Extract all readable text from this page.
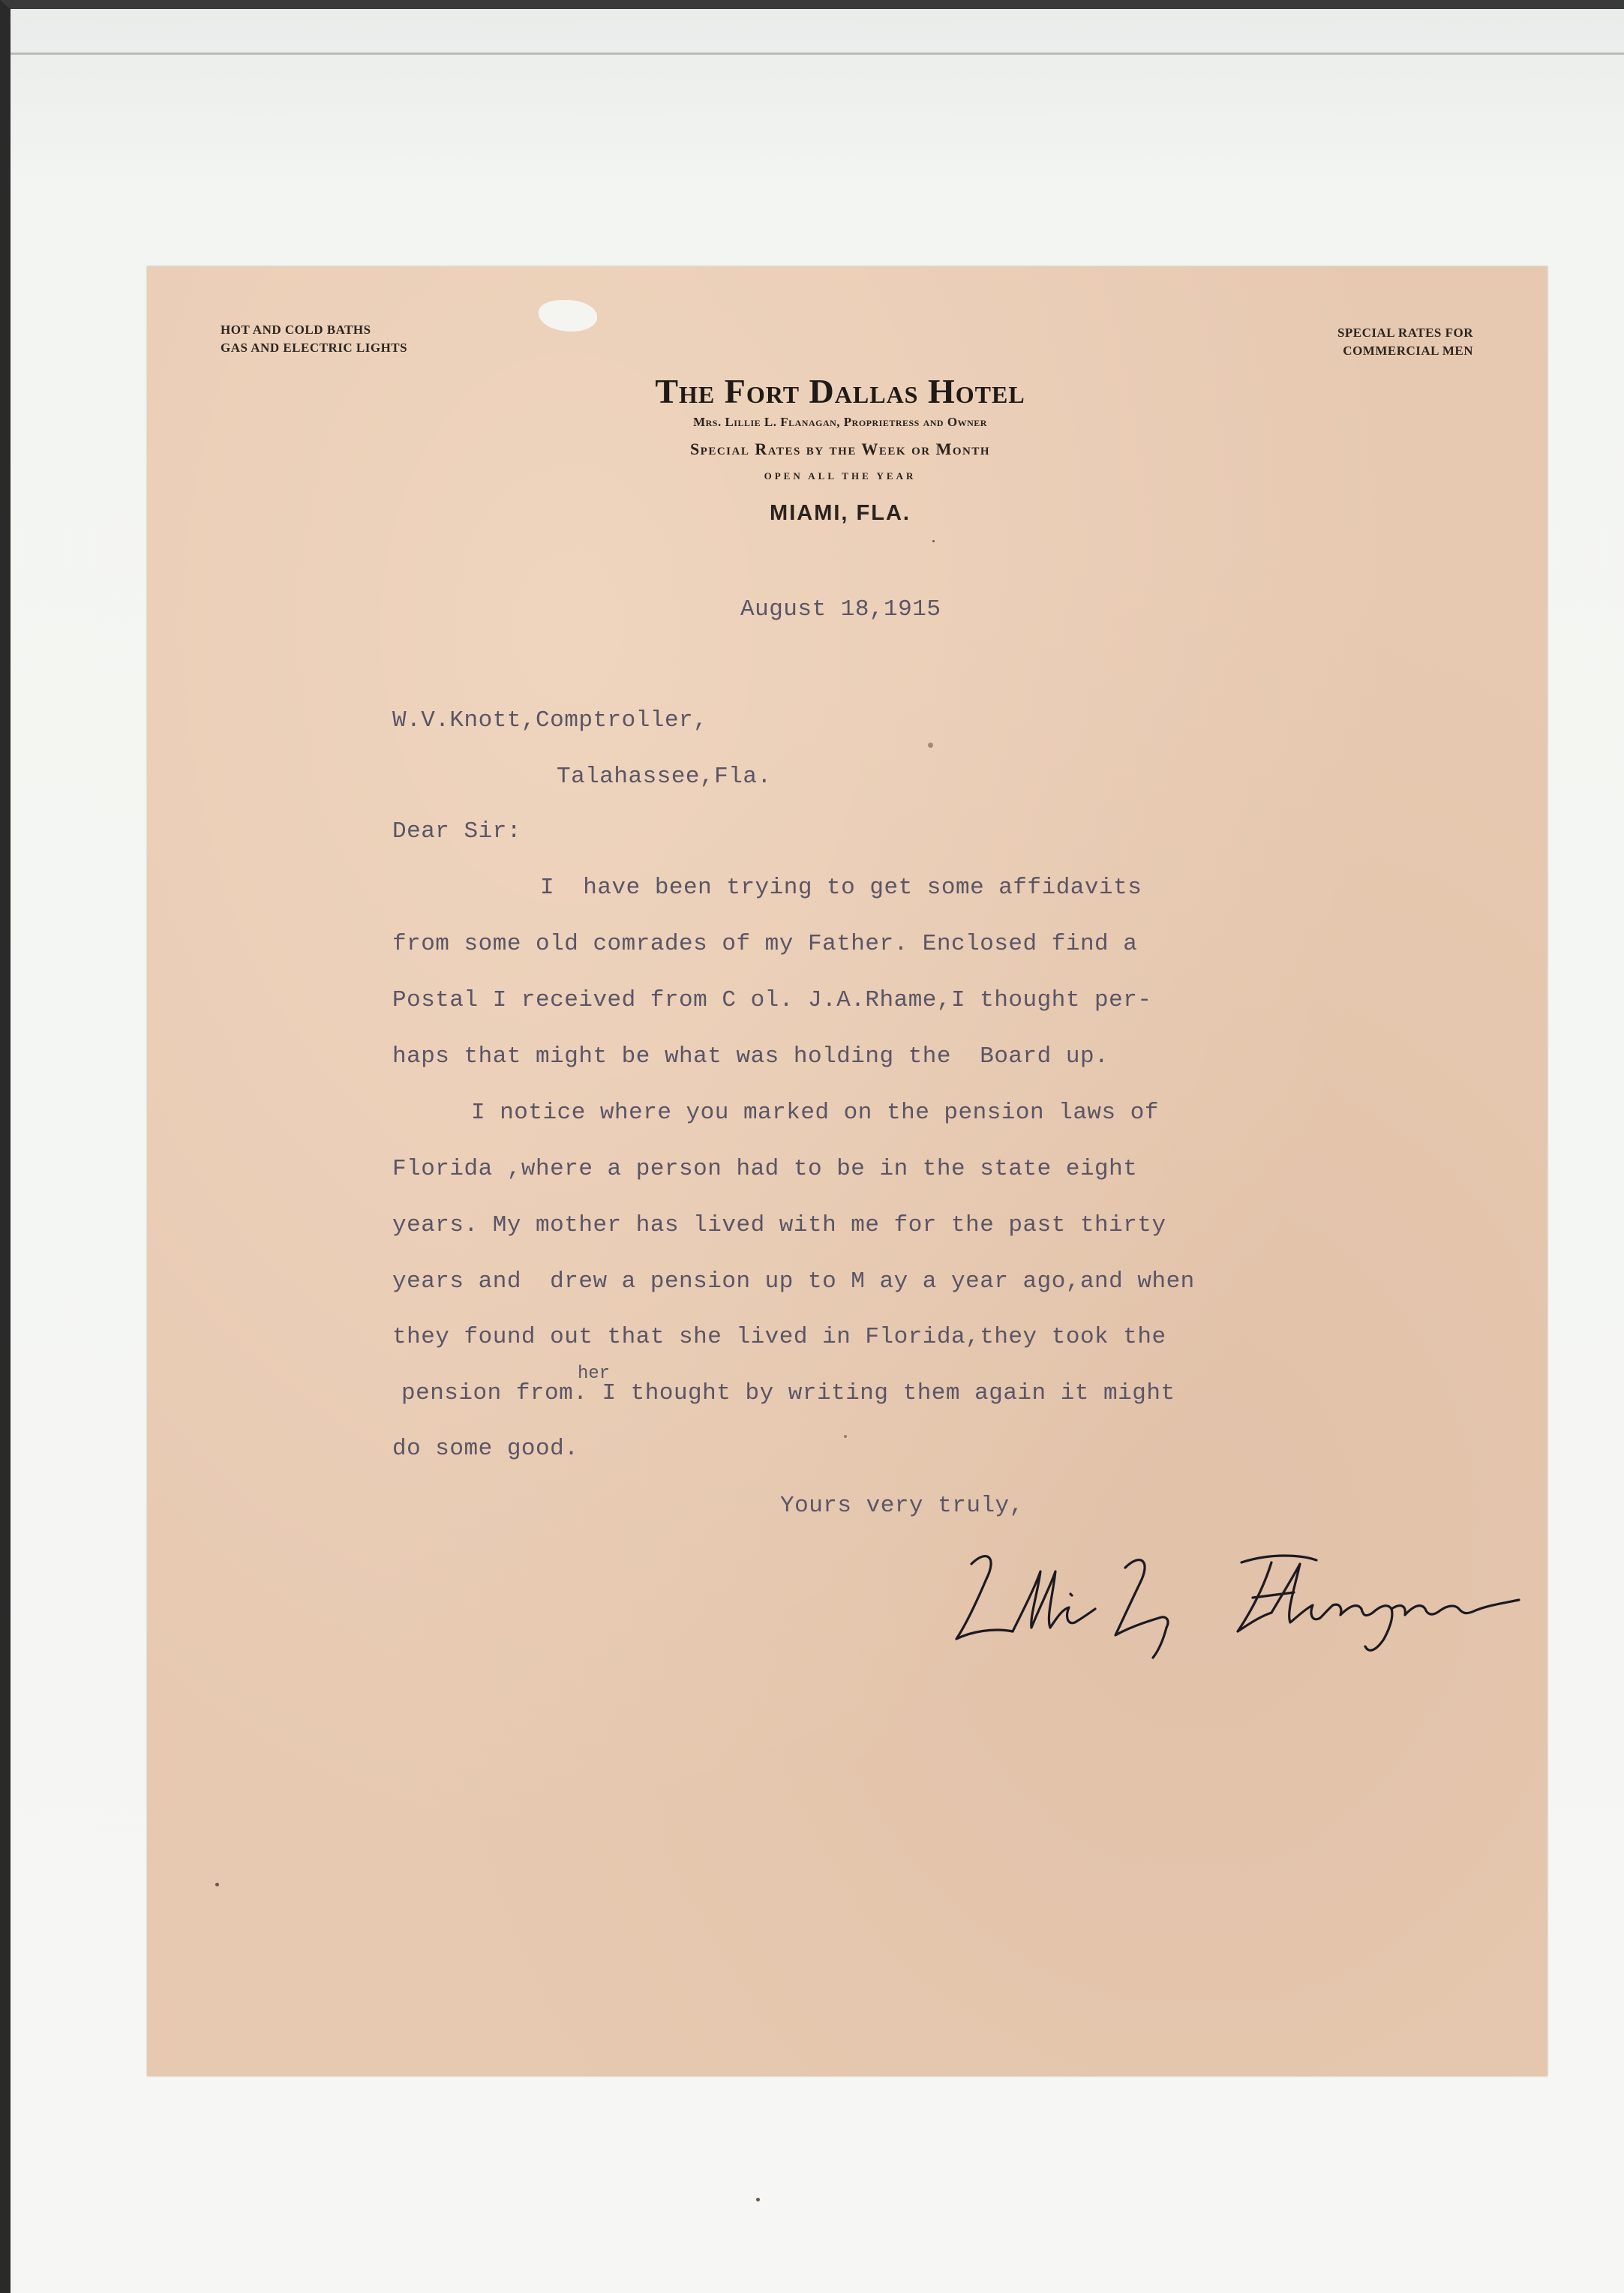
HOT AND COLD BATHS
GAS AND ELECTRIC LIGHTS
SPECIAL RATES FOR
COMMERCIAL MEN
The Fort Dallas Hotel
Mrs. Lillie L. Flanagan, Proprietress and Owner
Special Rates by the Week or Month
OPEN ALL THE YEAR
MIAMI, FLA.
August 18,1915
W.V.Knott,Comptroller,
Talahassee,Fla.
Dear Sir:
I  have been trying to get some affidavits
from some old comrades of my Father. Enclosed find a
Postal I received from C ol. J.A.Rhame,I thought per-
haps that might be what was holding the  Board up.
I notice where you marked on the pension laws of
Florida ,where a person had to be in the state eight
years. My mother has lived with me for the past thirty
years and  drew a pension up to M ay a year ago,and when
they found out that she lived in Florida,they took the
her
pension from. I thought by writing them again it might
do some good.
Yours very truly,
